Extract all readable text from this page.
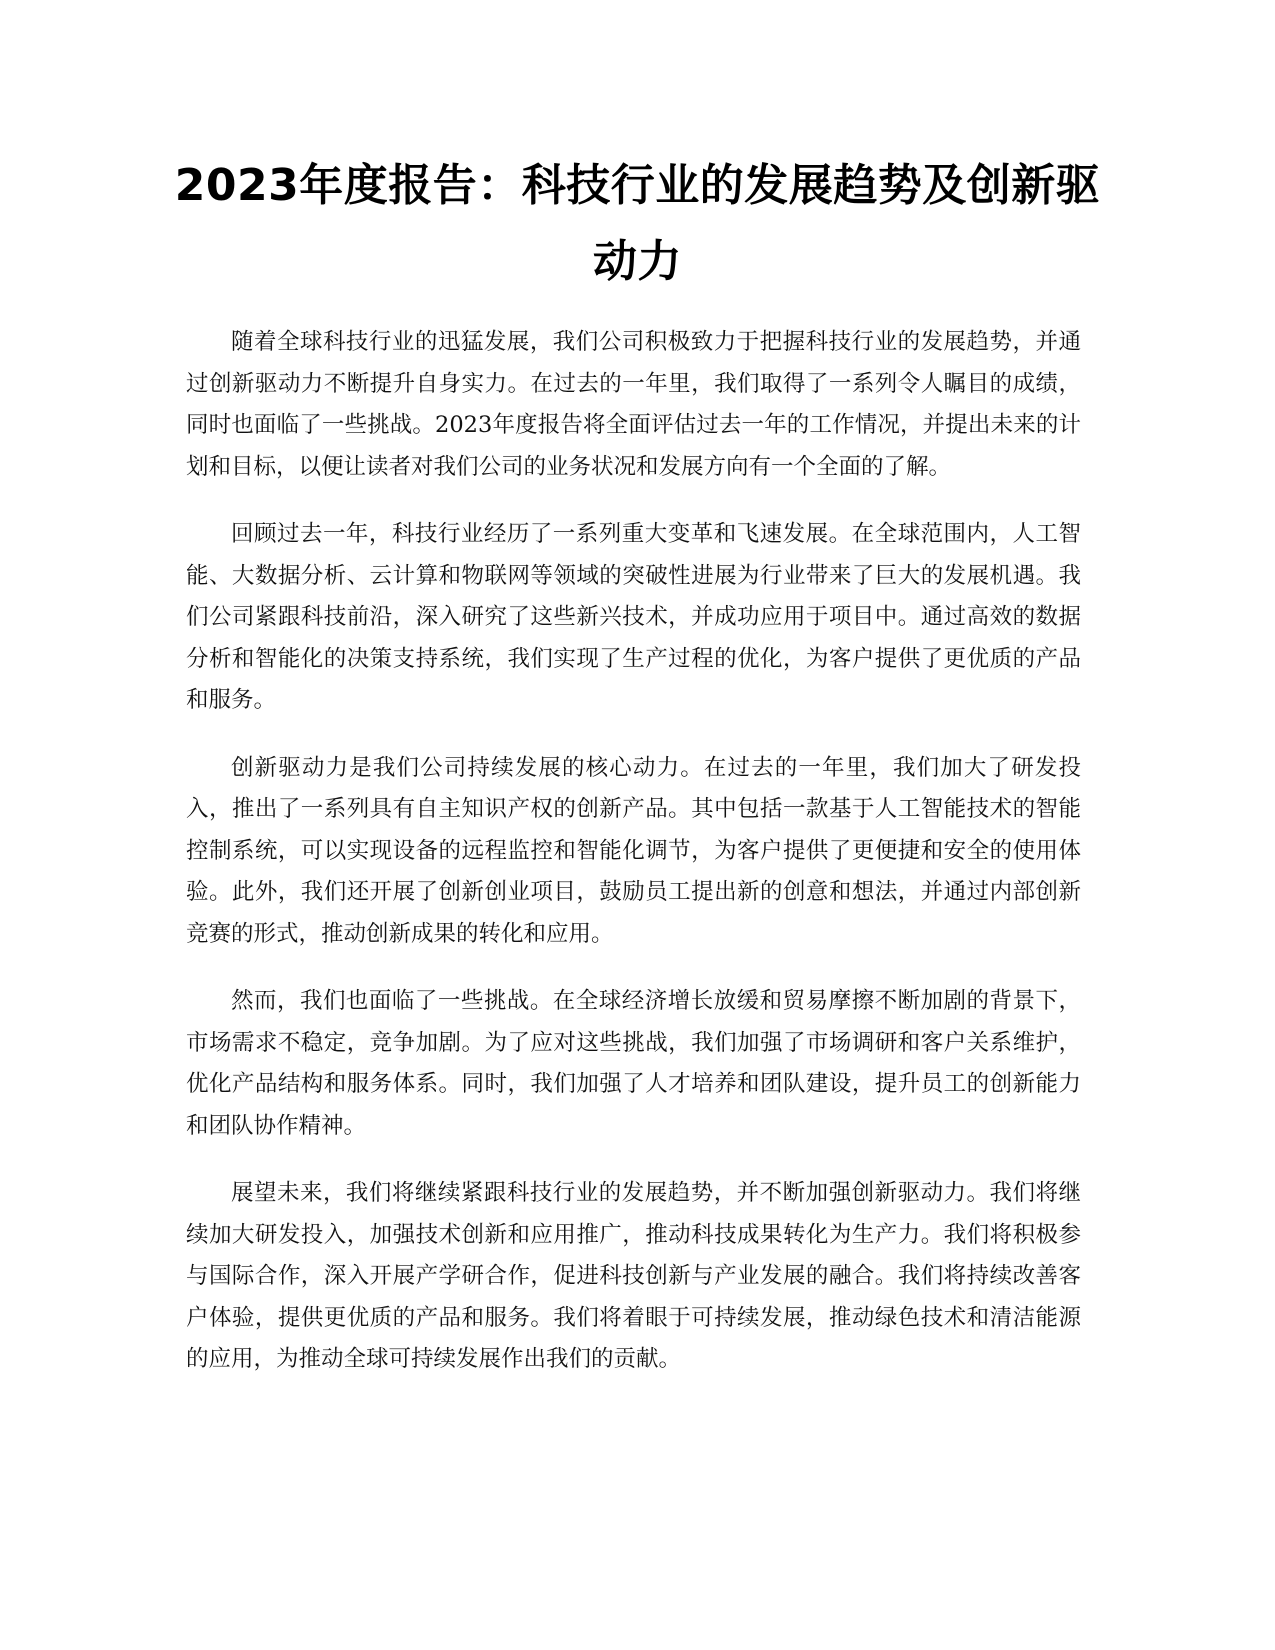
2023年度报告：科技行业的发展趋势及创新驱动力

随着全球科技行业的迅猛发展，我们公司积极致力于把握科技行业的发展趋势，并通过创新驱动力不断提升自身实力。在过去的一年里，我们取得了一系列令人瞩目的成绩，同时也面临了一些挑战。2023年度报告将全面评估过去一年的工作情况，并提出未来的计划和目标，以便让读者对我们公司的业务状况和发展方向有一个全面的了解。

回顾过去一年，科技行业经历了一系列重大变革和飞速发展。在全球范围内，人工智能、大数据分析、云计算和物联网等领域的突破性进展为行业带来了巨大的发展机遇。我们公司紧跟科技前沿，深入研究了这些新兴技术，并成功应用于项目中。通过高效的数据分析和智能化的决策支持系统，我们实现了生产过程的优化，为客户提供了更优质的产品和服务。

创新驱动力是我们公司持续发展的核心动力。在过去的一年里，我们加大了研发投入，推出了一系列具有自主知识产权的创新产品。其中包括一款基于人工智能技术的智能控制系统，可以实现设备的远程监控和智能化调节，为客户提供了更便捷和安全的使用体验。此外，我们还开展了创新创业项目，鼓励员工提出新的创意和想法，并通过内部创新竞赛的形式，推动创新成果的转化和应用。

然而，我们也面临了一些挑战。在全球经济增长放缓和贸易摩擦不断加剧的背景下，市场需求不稳定，竞争加剧。为了应对这些挑战，我们加强了市场调研和客户关系维护，优化产品结构和服务体系。同时，我们加强了人才培养和团队建设，提升员工的创新能力和团队协作精神。

展望未来，我们将继续紧跟科技行业的发展趋势，并不断加强创新驱动力。我们将继续加大研发投入，加强技术创新和应用推广，推动科技成果转化为生产力。我们将积极参与国际合作，深入开展产学研合作，促进科技创新与产业发展的融合。我们将持续改善客户体验，提供更优质的产品和服务。我们将着眼于可持续发展，推动绿色技术和清洁能源的应用，为推动全球可持续发展作出我们的贡献。
